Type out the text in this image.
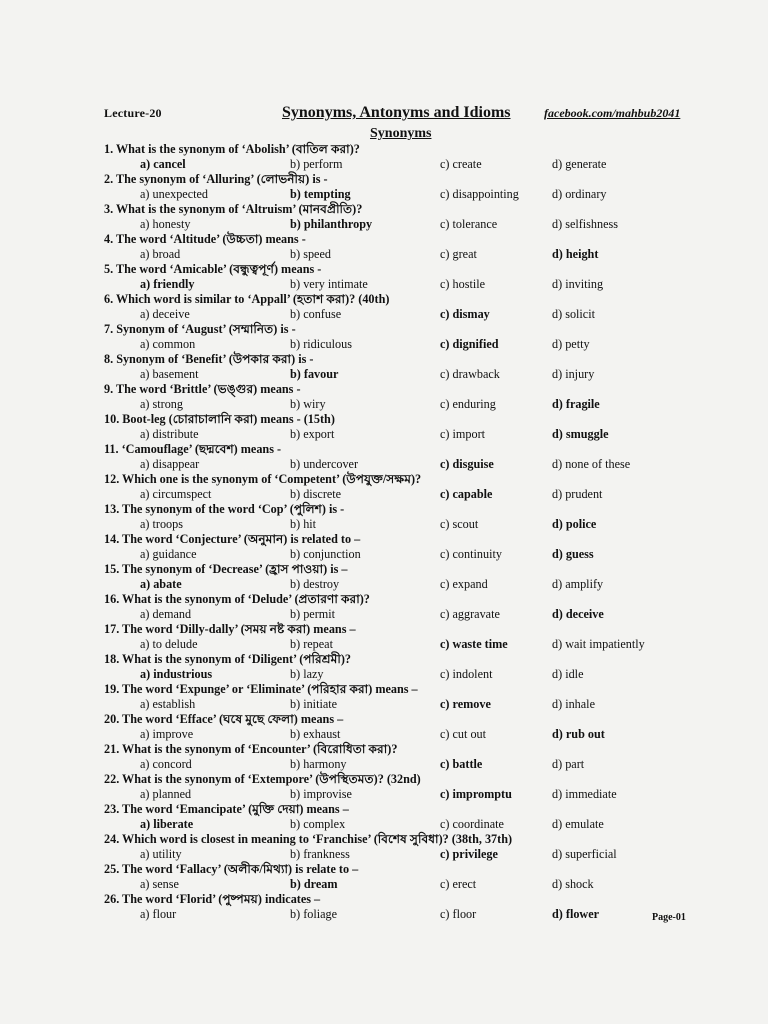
Lecture-20	Synonyms, Antonyms and Idioms	facebook.com/mahbub2041
Synonyms
1. What is the synonym of ‘Abolish’ (বাতিল করা)?
a) cancel	b) perform	c) create	d) generate
2. The synonym of ‘Alluring’ (লোভনীয়) is -
a) unexpected	b) tempting	c) disappointing	d) ordinary
3. What is the synonym of ‘Altruism’ (মানবপ্রীতি)?
a) honesty	b) philanthropy	c) tolerance	d) selfishness
4. The word ‘Altitude’ (উচ্চতা) means -
a) broad	b) speed	c) great	d) height
5. The word ‘Amicable’ (বন্ধুত্বপূর্ণ) means -
a) friendly	b) very intimate	c) hostile	d) inviting
6. Which word is similar to ‘Appall’ (হতাশ করা)? (40th)
a) deceive	b) confuse	c) dismay	d) solicit
7. Synonym of ‘August’ (সম্মানিত) is -
a) common	b) ridiculous	c) dignified	d) petty
8. Synonym of ‘Benefit’ (উপকার করা) is -
a) basement	b) favour	c) drawback	d) injury
9. The word ‘Brittle’ (ভঙ্গুর) means -
a) strong	b) wiry	c) enduring	d) fragile
10. Boot-leg (চোরাচালানি করা) means - (15th)
a) distribute	b) export	c) import	d) smuggle
11. ‘Camouflage’ (ছদ্মবেশ) means -
a) disappear	b) undercover	c) disguise	d) none of these
12. Which one is the synonym of ‘Competent’ (উপযুক্ত/সক্ষম)?
a) circumspect	b) discrete	c) capable	d) prudent
13. The synonym of the word ‘Cop’ (পুলিশ) is -
a) troops	b) hit	c) scout	d) police
14. The word ‘Conjecture’ (অনুমান) is related to –
a) guidance	b) conjunction	c) continuity	d) guess
15. The synonym of ‘Decrease’ (হ্রাস পাওয়া) is –
a) abate	b) destroy	c) expand	d) amplify
16. What is the synonym of ‘Delude’ (প্রতারণা করা)?
a) demand	b) permit	c) aggravate	d) deceive
17. The word ‘Dilly-dally’ (সময় নষ্ট করা) means –
a) to delude	b) repeat	c) waste time	d) wait impatiently
18. What is the synonym of ‘Diligent’ (পরিশ্রমী)?
a) industrious	b) lazy	c) indolent	d) idle
19. The word ‘Expunge’ or ‘Eliminate’ (পরিহার করা) means –
a) establish	b) initiate	c) remove	d) inhale
20. The word ‘Efface’ (ঘষে মুছে ফেলা) means –
a) improve	b) exhaust	c) cut out	d) rub out
21. What is the synonym of ‘Encounter’ (বিরোধিতা করা)?
a) concord	b) harmony	c) battle	d) part
22. What is the synonym of ‘Extempore’ (উপস্থিতমত)? (32nd)
a) planned	b) improvise	c) impromptu	d) immediate
23. The word ‘Emancipate’ (মুক্তি দেয়া) means –
a) liberate	b) complex	c) coordinate	d) emulate
24. Which word is closest in meaning to ‘Franchise’ (বিশেষ সুবিধা)? (38th, 37th)
a) utility	b) frankness	c) privilege	d) superficial
25. The word ‘Fallacy’ (অলীক/মিথ্যা) is relate to –
a) sense	b) dream	c) erect	d) shock
26. The word ‘Florid’ (পুষ্পময়) indicates –
a) flour	b) foliage	c) floor	d) flower	Page-01
